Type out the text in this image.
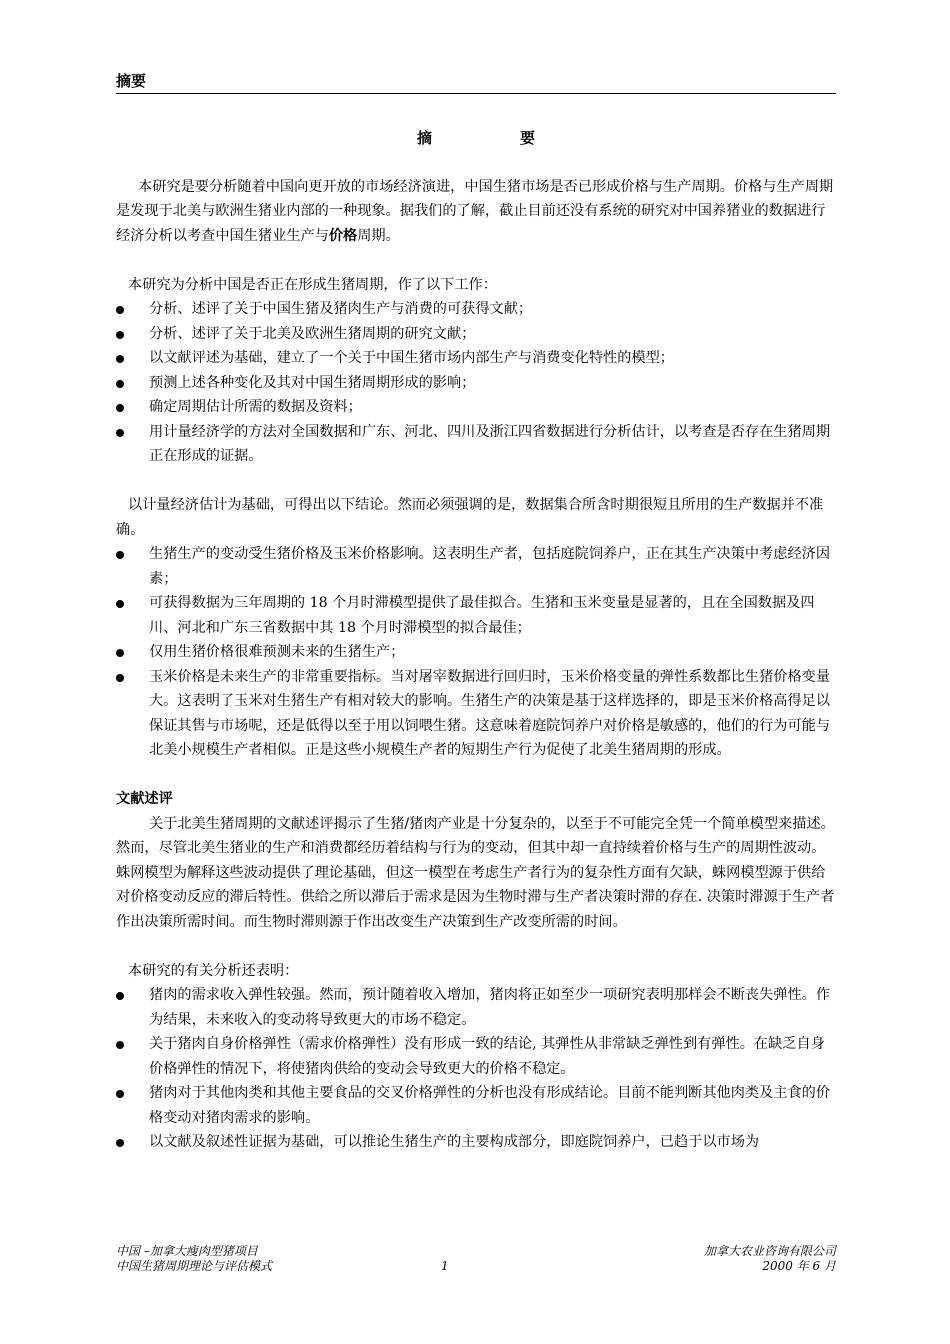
摘要
摘要

本研究是要分析随着中国向更开放的市场经济演进，中国生猪市场是否已形成价格与生产周期。价格与生产周期是发现于北美与欧洲生猪业内部的一种现象。据我们的了解，截止目前还没有系统的研究对中国养猪业的数据进行经济分析以考查中国生猪业生产与价格周期。

本研究为分析中国是否正在形成生猪周期，作了以下工作：

分析、述评了关于中国生猪及猪肉生产与消费的可获得文献；
分析、述评了关于北美及欧洲生猪周期的研究文献；
以文献评述为基础，建立了一个关于中国生猪市场内部生产与消费变化特性的模型；
预测上述各种变化及其对中国生猪周期形成的影响；
确定周期估计所需的数据及资料；
用计量经济学的方法对全国数据和广东、河北、四川及浙江四省数据进行分析估计，以考查是否存在生猪周期正在形成的证据。

以计量经济估计为基础，可得出以下结论。然而必须强调的是，数据集合所含时期很短且所用的生产数据并不准确。

生猪生产的变动受生猪价格及玉米价格影响。这表明生产者，包括庭院饲养户，正在其生产决策中考虑经济因素；
可获得数据为三年周期的 18 个月时滞模型提供了最佳拟合。生猪和玉米变量是显著的，且在全国数据及四川、河北和广东三省数据中其 18 个月时滞模型的拟合最佳；
仅用生猪价格很难预测未来的生猪生产；
玉米价格是未来生产的非常重要指标。当对屠宰数据进行回归时，玉米价格变量的弹性系数都比生猪价格变量大。这表明了玉米对生猪生产有相对较大的影响。生猪生产的决策是基于这样选择的，即是玉米价格高得足以保证其售与市场呢，还是低得以至于用以饲喂生猪。这意味着庭院饲养户对价格是敏感的，他们的行为可能与北美小规模生产者相似。正是这些小规模生产者的短期生产行为促使了北美生猪周期的形成。

文献述评

关于北美生猪周期的文献述评揭示了生猪/猪肉产业是十分复杂的，以至于不可能完全凭一个简单模型来描述。然而，尽管北美生猪业的生产和消费都经历着结构与行为的变动，但其中却一直持续着价格与生产的周期性波动。蛛网模型为解释这些波动提供了理论基础，但这一模型在考虑生产者行为的复杂性方面有欠缺，蛛网模型源于供给对价格变动反应的滞后特性。供给之所以滞后于需求是因为生物时滞与生产者决策时滞的存在. 决策时滞源于生产者作出决策所需时间。而生物时滞则源于作出改变生产决策到生产改变所需的时间。

本研究的有关分析还表明：

猪肉的需求收入弹性较强。然而，预计随着收入增加，猪肉将正如至少一项研究表明那样会不断丧失弹性。作为结果，未来收入的变动将导致更大的市场不稳定。
关于猪肉自身价格弹性（需求价格弹性）没有形成一致的结论, 其弹性从非常缺乏弹性到有弹性。在缺乏自身价格弹性的情况下，将使猪肉供给的变动会导致更大的价格不稳定。
猪肉对于其他肉类和其他主要食品的交叉价格弹性的分析也没有形成结论。目前不能判断其他肉类及主食的价格变动对猪肉需求的影响。
以文献及叙述性证据为基础，可以推论生猪生产的主要构成部分，即庭院饲养户，已趋于以市场为
中国 –加拿大瘦肉型猪项目
中国生猪周期理论与评估模式	1
加拿大农业咨询有限公司
2000 年 6 月
